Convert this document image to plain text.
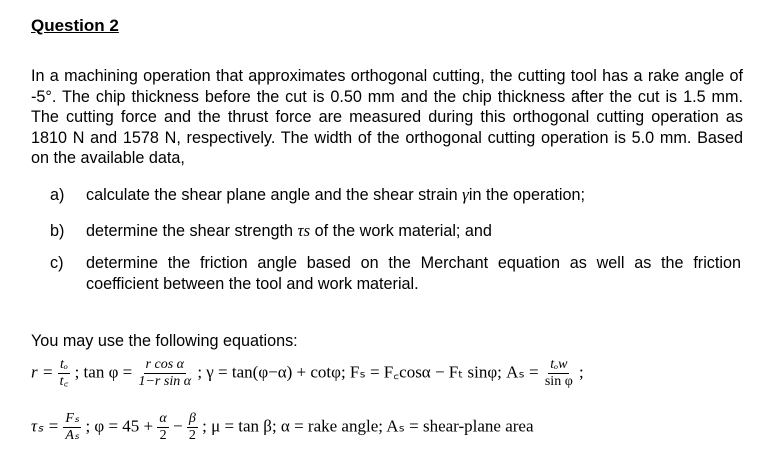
Question 2
In a machining operation that approximates orthogonal cutting, the cutting tool has a rake angle of -5°. The chip thickness before the cut is 0.50 mm and the chip thickness after the cut is 1.5 mm. The cutting force and the thrust force are measured during this orthogonal cutting operation as 1810 N and 1578 N, respectively. The width of the orthogonal cutting operation is 5.0 mm. Based on the available data,
a) calculate the shear plane angle and the shear strain γin the operation;
b) determine the shear strength τs of the work material; and
c) determine the friction angle based on the Merchant equation as well as the friction coefficient between the tool and work material.
You may use the following equations:
$r = \frac{\text{tₒ}}{t꜀}$ ; $\tan \varphi = \frac{\text{r cos α}}{\text{1−r sin α}}$ ; γ = tan(φ−α) + cotφ; Fₛ = F꜀cosα − Fₜ sinφ; $A_s = \frac{\text{tₒw}}{\text{sin φ}}$ ;
$\tau_s = \frac{\text{Fₛ}}{\text{Aₛ}}$ ; $\varphi = 45 + \frac{\alpha}{2} - \frac{\beta}{2}$ ; μ = tan β; α = rake angle; Aₛ = shear-plane area
